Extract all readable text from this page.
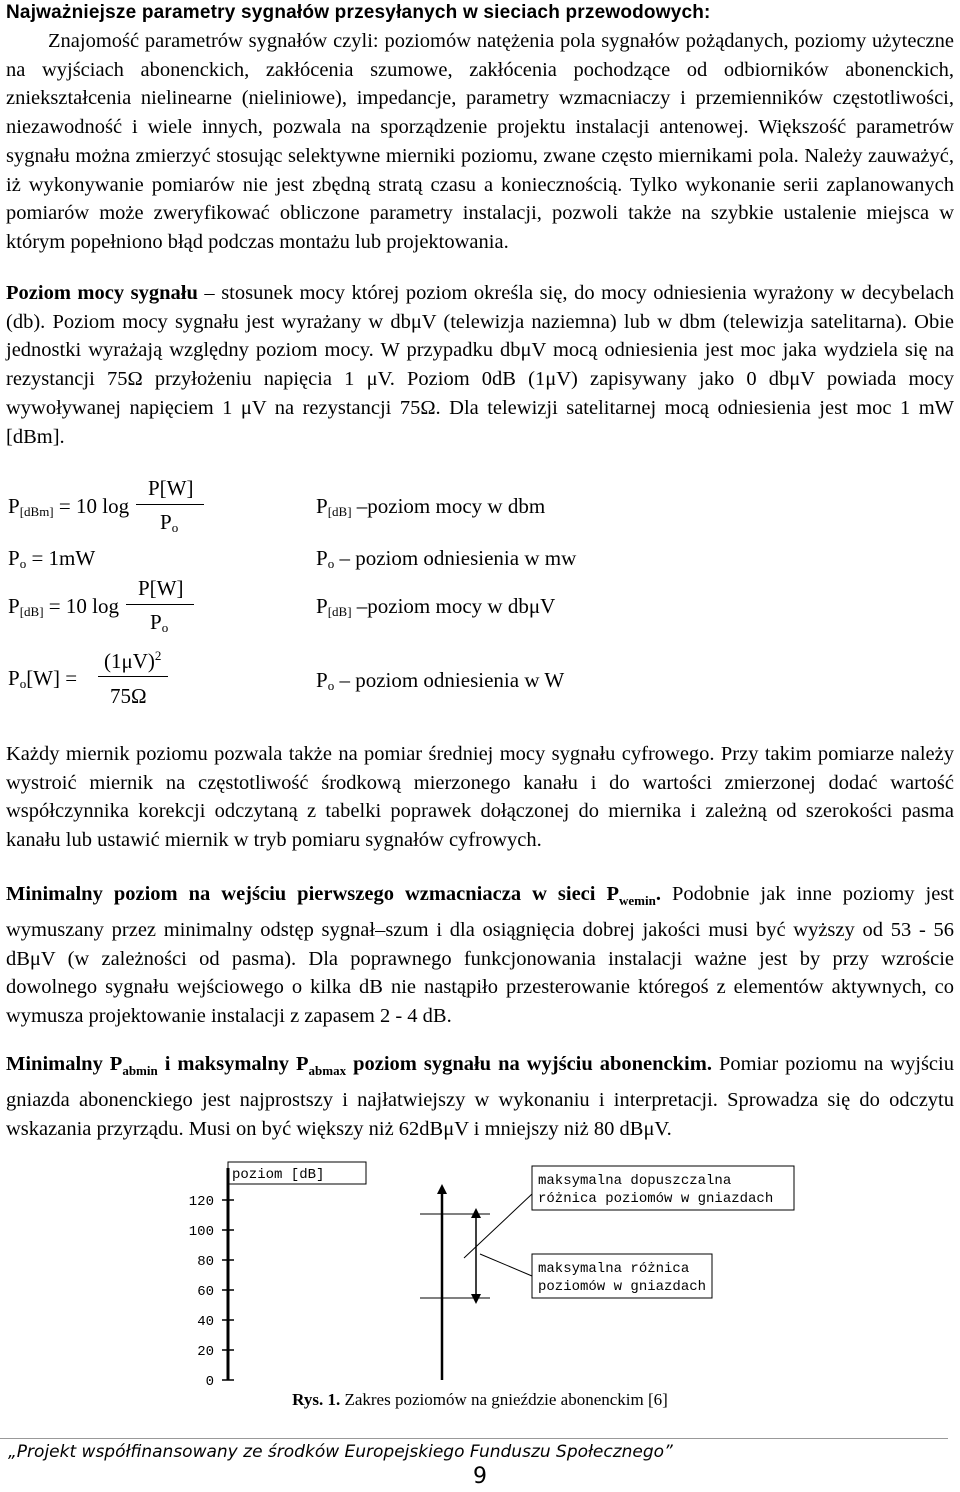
Najważniejsze parametry sygnałów przesyłanych w sieciach przewodowych:
Znajomość parametrów sygnałów czyli: poziomów natężenia pola sygnałów pożądanych, poziomy użyteczne na wyjściach abonenckich, zakłócenia szumowe, zakłócenia pochodzące od odbiorników abonenckich, zniekształcenia nielinearne (nieliniowe), impedancje, parametry wzmacniaczy i przemienników częstotliwości, niezawodność i wiele innych, pozwala na sporządzenie projektu instalacji antenowej. Większość parametrów sygnału można zmierzyć stosując selektywne mierniki poziomu, zwane często miernikami pola. Należy zauważyć, iż wykonywanie pomiarów nie jest zbędną stratą czasu a koniecznością. Tylko wykonanie serii zaplanowanych pomiarów może zweryfikować obliczone parametry instalacji, pozwoli także na szybkie ustalenie miejsca w którym popełniono błąd podczas montażu lub projektowania.
Poziom mocy sygnału – stosunek mocy której poziom określa się, do mocy odniesienia wyrażony w decybelach (db). Poziom mocy sygnału jest wyrażany w dbμV (telewizja naziemna) lub w dbm (telewizja satelitarna). Obie jednostki wyrażają względny poziom mocy. W przypadku dbμV mocą odniesienia jest moc jaka wydziela się na rezystancji 75Ω przyłożeniu napięcia 1 μV. Poziom 0dB (1μV) zapisywany jako 0 dbμV powiada mocy wywoływanej napięciem 1 μV na rezystancji 75Ω. Dla telewizji satelitarnej mocą odniesienia jest moc 1 mW [dBm].
$P_{[dBm]} = 10$ log
P[W]
$P_o$
$P_o = 1mW$
$P_{[dB]} = 10$ log
P[W]
$P_o$
$P_o[W]$ =
$(1\mu V)^2$
75Ω
$P_{[dB]}$ –poziom mocy w dbm
$P_o$ – poziom odniesienia w mw
$P_{[dB]}$ –poziom mocy w dbμV
$P_o$ – poziom odniesienia w W
Każdy miernik poziomu pozwala także na pomiar średniej mocy sygnału cyfrowego. Przy takim pomiarze należy wystroić miernik na częstotliwość środkową mierzonego kanału i do wartości zmierzonej dodać wartość współczynnika korekcji odczytaną z tabelki poprawek dołączonej do miernika i zależną od szerokości pasma kanału lub ustawić miernik w tryb pomiaru sygnałów cyfrowych.
Minimalny poziom na wejściu pierwszego wzmacniacza w sieci $P_{wemin}$. Podobnie jak inne poziomy jest wymuszany przez minimalny odstęp sygnał–szum i dla osiągnięcia dobrej jakości musi być wyższy od 53 - 56 dBμV (w zależności od pasma). Dla poprawnego funkcjonowania instalacji ważne jest by przy wzroście dowolnego sygnału wejściowego o kilka dB nie nastąpiło przesterowanie któregoś z elementów aktywnych, co wymusza projektowanie instalacji z zapasem 2 - 4 dB.
Minimalny $P_{abmin}$ i maksymalny $P_{abmax}$ poziom sygnału na wyjściu abonenckim. Pomiar poziomu na wyjściu gniazda abonenckiego jest najprostszy i najłatwiejszy w wykonaniu i interpretacji. Sprowadza się do odczytu wskazania przyrządu. Musi on być większy niż 62dBμV i mniejszy niż 80 dBμV.
poziom [dB]
120
100
80
60
40
20
0
maksymalna dopuszczalna
różnica poziomów w gniazdach
maksymalna różnica
poziomów w gniazdach
Rys. 1. Zakres poziomów na gnieździe abonenckim [6]
„Projekt współfinansowany ze środków Europejskiego Funduszu Społecznego”
9
